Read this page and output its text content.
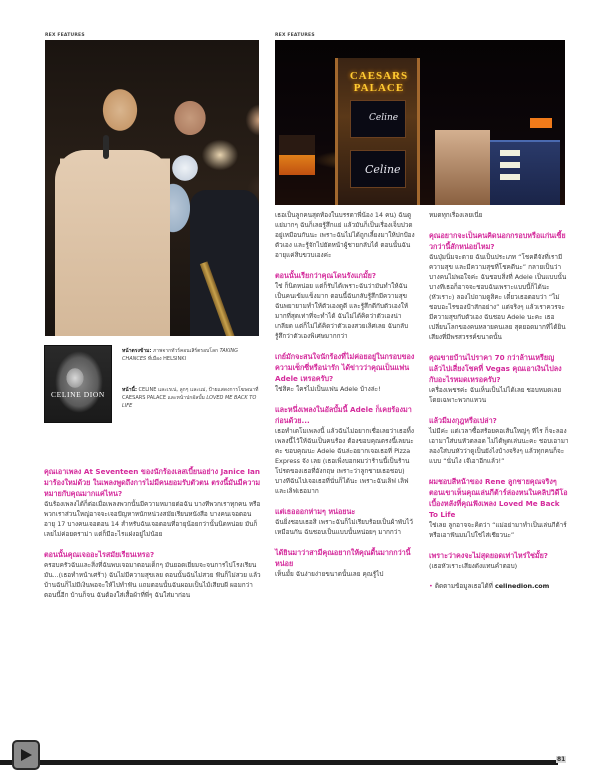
REX FEATURES	REX FEATURES
CAESARS PALACE
Celine
Celine
CELINE DION
หน้าตรงข้าม: ภาพจากทัวร์คอนเสิร์ตรอบโลก TAKING CHANCES ที่เมือง HELSINKI
หน้านี้: CELINE และเรเน่, ลูกๆ และแม่, ป้ายแสดงการโฆษณาที่ CAESARS PALACE และหน้าปกอัลบั้ม LOVED ME BACK TO LIFE

คุณเอาเพลง At Seventeen ของนักร้องเลสเบี้ยนอย่าง Janice Ian มาร้องใหม่ด้วย ในเพลงพูดถึงการไม่มีคนยอมรับตัวตน ตรงนี้มันมีความหมายกับคุณมากแค่ไหน?
ฉันร้องเพลงได้ก็ต่อเมื่อเพลงพวกนั้นมีความหมายต่อฉัน บางทีพวกเราทุกคน หรือพวกเราส่วนใหญ่อาจจะเจอปัญหาหนักหน่วงสมัยเรียนหนังสือ บางคนเจอตอนอายุ 17 บางคนเจอตอน 14 สำหรับฉันเจอตอนที่อายุน้อยกว่านั้นนิดหน่อย มันก็เลยไม่ค่อยดราม่า แต่ก็มีอะไรแฝงอยู่ไม่น้อย

ตอนนั้นคุณเจออะไรสมัยเรียนเหรอ?
ครอบครัวฉันและสิ่งที่ฉันพบเจอมาตอนเด็กๆ มันยอดเยี่ยมจะจนการไปโรงเรียนมัน...(เธอทำหน้าเศร้า) ฉันไม่มีความสุขเลย ตอนนั้นฉันไม่สวย ฟันก็ไม่สวย แล้วบ้านฉันก็ไม่มีเงินพอจะให้ไปทำฟัน แถมตอนนั้นฉันผอมเป็นไม้เสียบผี ผอมกว่าตอนนี้อีก บ้านก็จน ฉันต้องใส่เสื้อผ้าที่พี่ๆ ฉันใส่มาก่อน

เธอเป็นลูกคนสุดท้องในบรรดาพี่น้อง 14 คน) ฉันดูแย่มากๆ ฉันก็เลยรู้สึกแย่ แล้วมันก็เป็นเรื่องเจ็บปวดอยู่เหมือนกันนะ เพราะฉันไม่ได้ถูกเลี้ยงมาให้ปกป้องตัวเอง และรู้จักไปยัดหน้าผู้ชายกลับได้ ตอนนั้นฉันอายุแค่สิบขวบเองค่ะ

ตอนนั้นเรียกว่าคุณโดนรังแกมั้ย?
ใช่ ก็นิดหน่อย แต่ก็รับได้เพราะฉันว่ามันทำให้ฉันเป็นคนเข้มแข็งมาก ตอนนี้ฉันกลับรู้สึกมีความสุข ฉันพยายามทำให้ตัวเองดูดี และรู้สึกดีกับตัวเองให้มากที่สุดเท่าที่จะทำได้ ฉันไม่ได้คิดว่าตัวเองน่าเกลียด แต่ก็ไม่ได้คิดว่าตัวเองสวยเลิศเลย ฉันกลับรู้สึกว่าตัวเองพิเศษมากกว่า

เกย์มักจะสนใจนักร้องที่ไม่ค่อยอยู่ในกรอบของความเซ็กซี่หรือน่ารัก ได้ข่าวว่าคุณเป็นแฟน Adele เหรอครับ?
ใช่สิคะ ใครไม่เป็นแฟน Adele บ้างล่ะ!

และหนึ่งเพลงในอัลบั้มนี้ Adele ก็เคยร้องมาก่อนด้วย...
เธอทำเดโมเพลงนี้ แล้วฉันไม่อยากเชื่อเลยว่าเธอทิ้งเพลงนี้ไว้ให้ฉันเป็นคนร้อง ต้องขอบคุณตรงนี้เลยนะคะ ขอบคุณนะ Adele ฉันล่ะอยากเจอเธอที่ Pizza Express จัง เลย (เธอเพิ่งบอกผมว่าร้านนี้เป็นร้านโปรดของเธอที่อังกฤษ เพราะว่าลูกชายเธอชอบ) บางทีฉันไปเจอเธอที่นั่นก็ได้นะ เพราะฉันเลิฟ เลิฟ และเลิฟเธอมาก

แต่เธอออกห่ามๆ หน่อยนะ
ฉันยิ่งชอบเธอสิ เพราะฉันก็ไม่เรียบร้อยเป็นผ้าพับไว้เหมือนกัน ฉันชอบเป็นแบบนั้นหน่อยๆ มากกว่า

ได้ยินมาว่าสามีคุณอยากให้คุณดื้นมากกว่านี้หน่อย
เห็นมั้ย ฉันง่ายง่ายขนาดนั้นเลย คุณรู้ไป

หมดทุกเรื่องเลยเนี่ย

คุณอยากจะเป็นคนคิดนอกกรอบหรือแก่นเซี้ยวกว่านี้สักหน่อยไหม?
ฉันปุ่มนิ่มจะตาย ฉันเป็นประเภท “โชคดีจังที่เรามีความสุข และมีความสุขที่โชคดีนะ” กลายเป็นว่าบางคนไม่พอใจค่ะ ฉันชอบสิ่งที่ Adele เป็นแบบนั้น บางทีเธอก็อาจจะชอบฉันเพราะแบบนี้ก็ได้นะ (หัวเราะ) ลองไปถามดูสิคะ เดี๋ยวเธอตอบว่า “ไม่ชอบอะไรของป้าสักอย่าง” แต่จริงๆ แล้วเราควรจะมีความสุขกับตัวเอง ฉันชอบ Adele นะคะ เธอเปลี่ยนโลกของคนหลายคนเลย สุดยอดมากที่ได้ยินเสียงที่มีพรสวรรค์ขนาดนั้น

คุณขายบ้านไปราคา 70 กว่าล้านเหรียญ แล้วไปเสี่ยงโชคที่ Vegas คุณเอาเงินไปลงกับอะไรหมดเหรอครับ?
เครื่องเพชรค่ะ ฉันเห็นเป็นไม่ได้เลย ชอบหมดเลย โดยเฉพาะพวกแหวน

แล้วมีมงกุฎหรือเปล่า?
ไม่มีค่ะ แต่เวลาซื้อสร้อยคอเส้นใหญ่ๆ ทีไร ก็จะลองเอามาใส่บนหัวตลอด ไม่ได้พูดเล่นนะคะ ชอบเอามาลองใส่บนหัวว่าดูเป็นยังไงบ้างจริงๆ แล้วทุกคนก็จะแบบ “นั่นไง เจ๊เอาอีกแล้ว!”

ผมชอบสีหน้าของ Rene ลูกชายคุณจริงๆ ตอนเขาเห็นคุณเล่นกีต้าร์ล่องหนในคลิปวิดีโอเบื้องหลังที่คุณฟังเพลง Loved Me Back To Life
ใช่เลย ลูกอาจจะคิดว่า “แม่อย่ามาทำเป็นเล่นกีต้าร์หรือเอาฟันมมไปใช่ไส่เชียวนะ”

เพราะว่าคงจะไม่สุดยอดเท่าไหร่ใช่มั้ย?
(เธอหัวเราะเสียงดังแทนคำตอบ)

• ติดตามข้อมูลเธอได้ที่ celinedion.com

81
